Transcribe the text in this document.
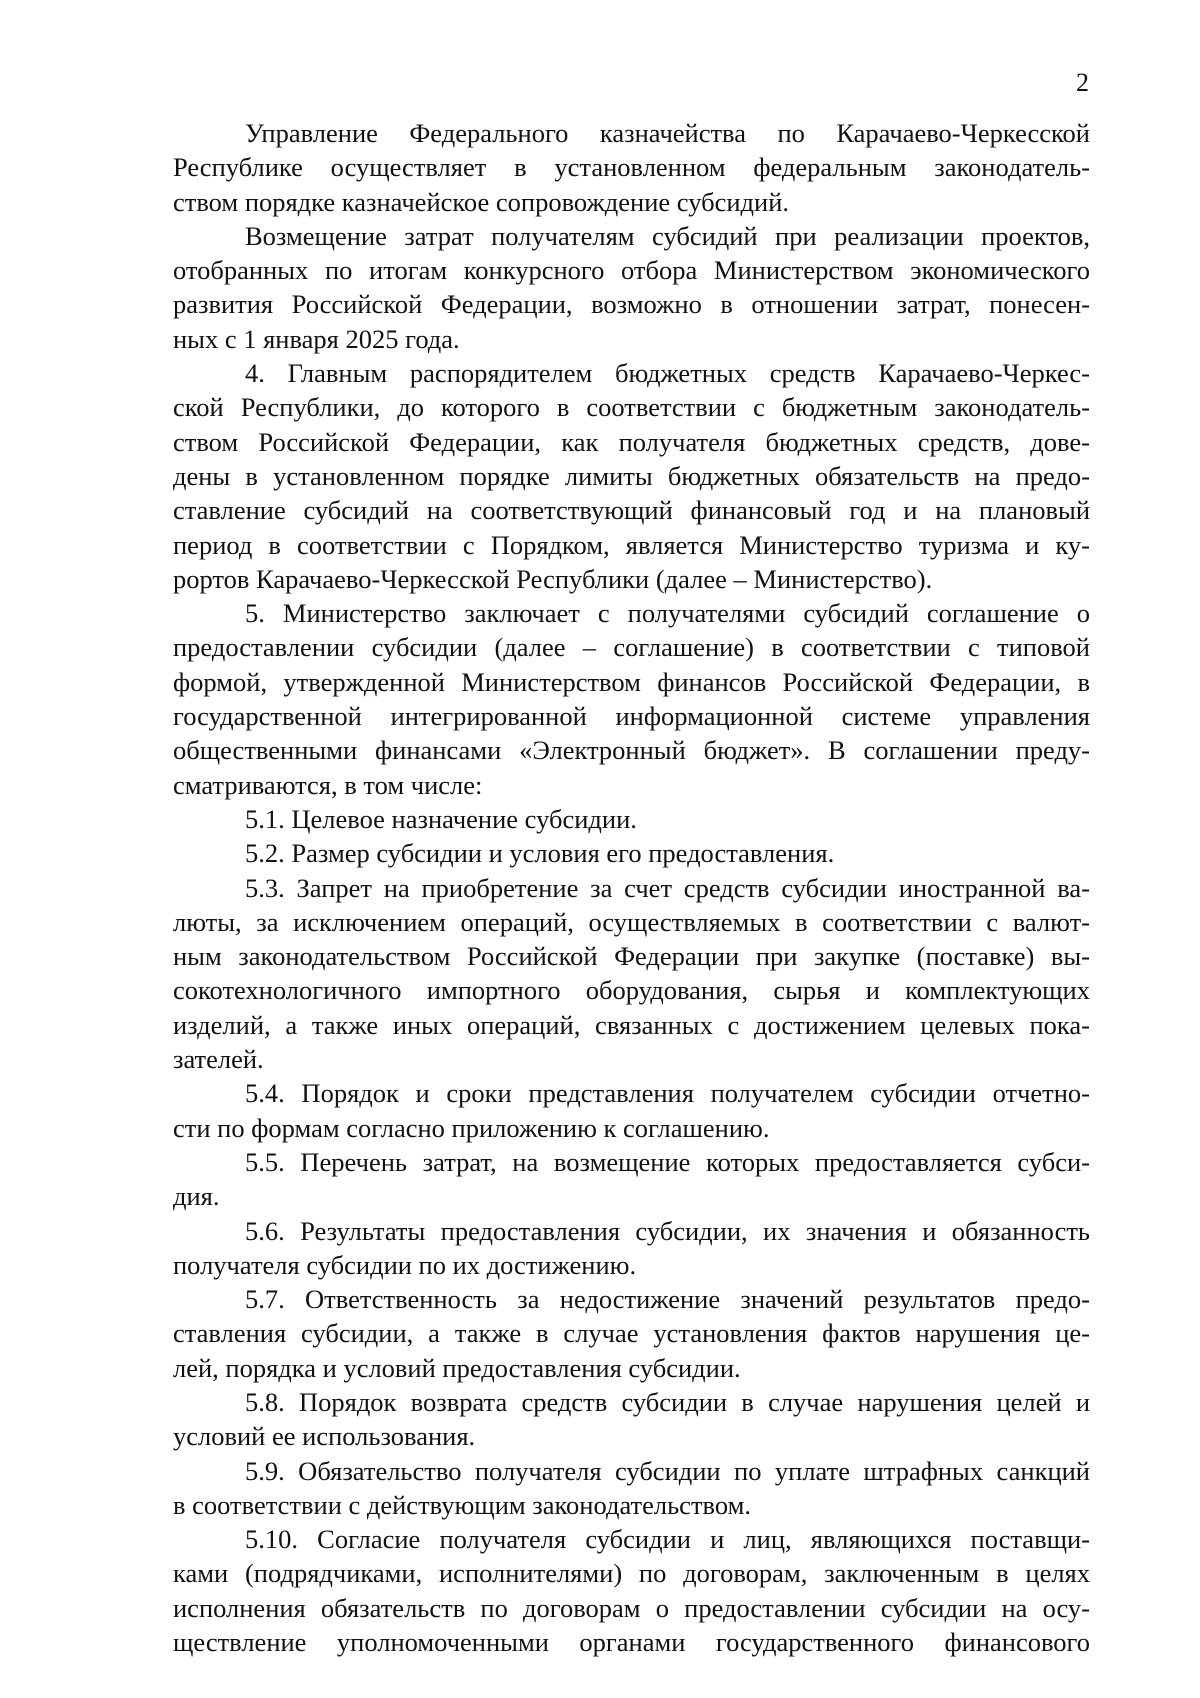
2

Управление Федерального казначейства по Карачаево-Черкесской
Республике осуществляет в установленном федеральным законодатель-
ством порядке казначейское сопровождение субсидий.

Возмещение затрат получателям субсидий при реализации проектов,
отобранных по итогам конкурсного отбора Министерством экономического
развития Российской Федерации, возможно в отношении затрат, понесен-
ных с 1 января 2025 года.

4. Главным распорядителем бюджетных средств Карачаево-Черкес-
ской Республики, до которого в соответствии с бюджетным законодатель-
ством Российской Федерации, как получателя бюджетных средств, дове-
дены в установленном порядке лимиты бюджетных обязательств на предо-
ставление субсидий на соответствующий финансовый год и на плановый
период в соответствии с Порядком, является Министерство туризма и ку-
рортов Карачаево-Черкесской Республики (далее – Министерство).

5. Министерство заключает с получателями субсидий соглашение о
предоставлении субсидии (далее – соглашение) в соответствии с типовой
формой, утвержденной Министерством финансов Российской Федерации, в
государственной интегрированной информационной системе управления
общественными финансами «Электронный бюджет». В соглашении преду-
сматриваются, в том числе:

5.1. Целевое назначение субсидии.

5.2. Размер субсидии и условия его предоставления.

5.3. Запрет на приобретение за счет средств субсидии иностранной ва-
люты, за исключением операций, осуществляемых в соответствии с валют-
ным законодательством Российской Федерации при закупке (поставке) вы-
сокотехнологичного импортного оборудования, сырья и комплектующих
изделий, а также иных операций, связанных с достижением целевых пока-
зателей.

5.4. Порядок и сроки представления получателем субсидии отчетно-
сти по формам согласно приложению к соглашению.

5.5. Перечень затрат, на возмещение которых предоставляется субси-
дия.

5.6. Результаты предоставления субсидии, их значения и обязанность
получателя субсидии по их достижению.

5.7. Ответственность за недостижение значений результатов предо-
ставления субсидии, а также в случае установления фактов нарушения це-
лей, порядка и условий предоставления субсидии.

5.8. Порядок возврата средств субсидии в случае нарушения целей и
условий ее использования.

5.9. Обязательство получателя субсидии по уплате штрафных санкций
в соответствии с действующим законодательством.

5.10. Согласие получателя субсидии и лиц, являющихся поставщи-
ками (подрядчиками, исполнителями) по договорам, заключенным в целях
исполнения обязательств по договорам о предоставлении субсидии на осу-
ществление уполномоченными органами государственного финансового
